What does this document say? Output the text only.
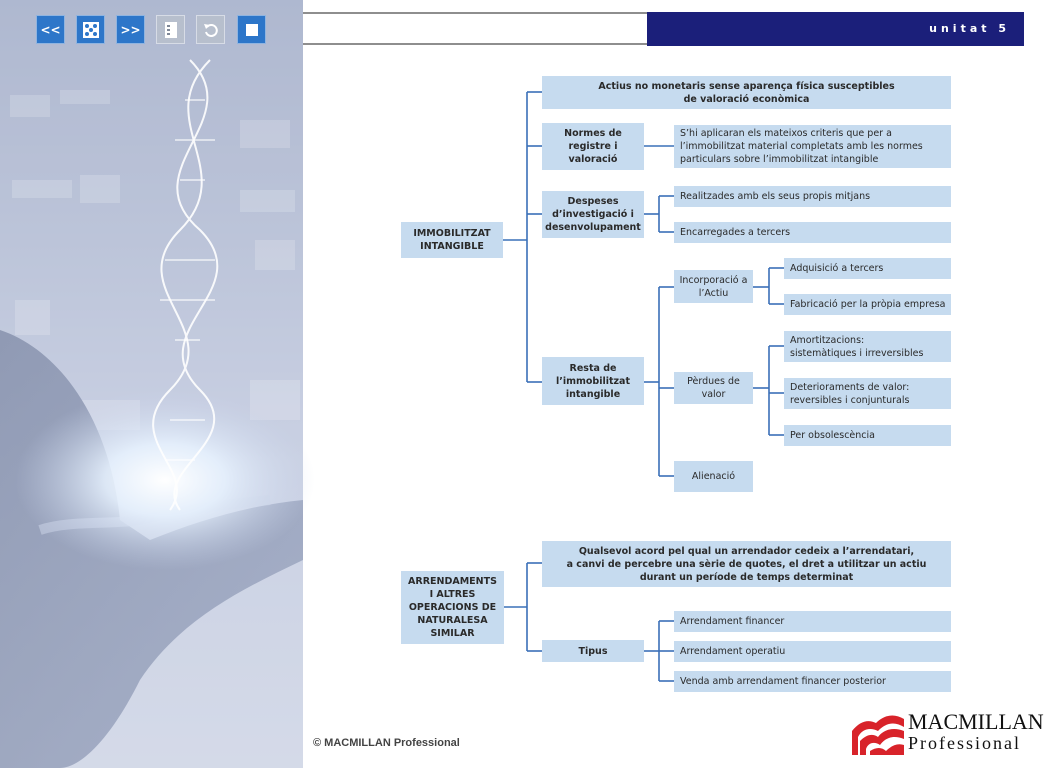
<<	>>	unitat 5
IMMOBILITZAT
INTANGIBLE
Actius no monetaris sense aparença física susceptibles
de valoració econòmica
Normes de
registre i
valoració
S’hi aplicaran els mateixos criteris que per a
l’immobilitzat material completats amb les normes
particulars sobre l’immobilitzat intangible
Despeses
d’investigació i
desenvolupament
Realitzades amb els seus propis mitjans
Encarregades a tercers
Resta de
l’immobilitzat
intangible
Incorporació a
l’Actiu
Adquisició a tercers
Fabricació per la pròpia empresa
Pèrdues de
valor
Amortitzacions:
sistemàtiques i irreversibles
Deterioraments de valor:
reversibles i conjunturals
Per obsolescència
Alienació
ARRENDAMENTS
I ALTRES
OPERACIONS DE
NATURALESA
SIMILAR
Qualsevol acord pel qual un arrendador cedeix a l’arrendatari,
a canvi de percebre una sèrie de quotes, el dret a utilitzar un actiu
durant un període de temps determinat
Tipus
Arrendament financer
Arrendament operatiu
Venda amb arrendament financer posterior
© MACMILLAN Professional
MACMILLAN
Professional
